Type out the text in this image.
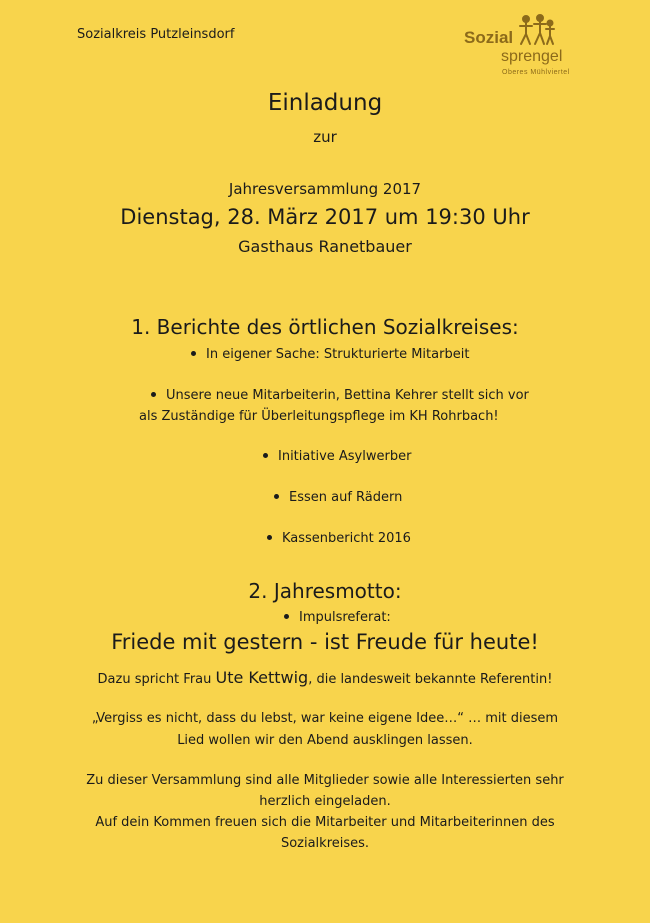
Sozialkreis Putzleinsdorf	Sozial
sprengel
Oberes Mühlviertel
Einladung
zur
Jahresversammlung 2017
Dienstag, 28. März 2017 um 19:30 Uhr
Gasthaus Ranetbauer
1. Berichte des örtlichen Sozialkreises:
In eigener Sache: Strukturierte Mitarbeit
Unsere neue Mitarbeiterin, Bettina Kehrer stellt sich vor
als Zuständige für Überleitungspflege im KH Rohrbach!
Initiative Asylwerber
Essen auf Rädern
Kassenbericht 2016
2. Jahresmotto:
Impulsreferat:
Friede mit gestern - ist Freude für heute!
Dazu spricht Frau Ute Kettwig, die landesweit bekannte Referentin!
„Vergiss es nicht, dass du lebst, war keine eigene Idee…“ … mit diesem
Lied wollen wir den Abend ausklingen lassen.
Zu dieser Versammlung sind alle Mitglieder sowie alle Interessierten sehr
herzlich eingeladen.
Auf dein Kommen freuen sich die Mitarbeiter und Mitarbeiterinnen des
Sozialkreises.
